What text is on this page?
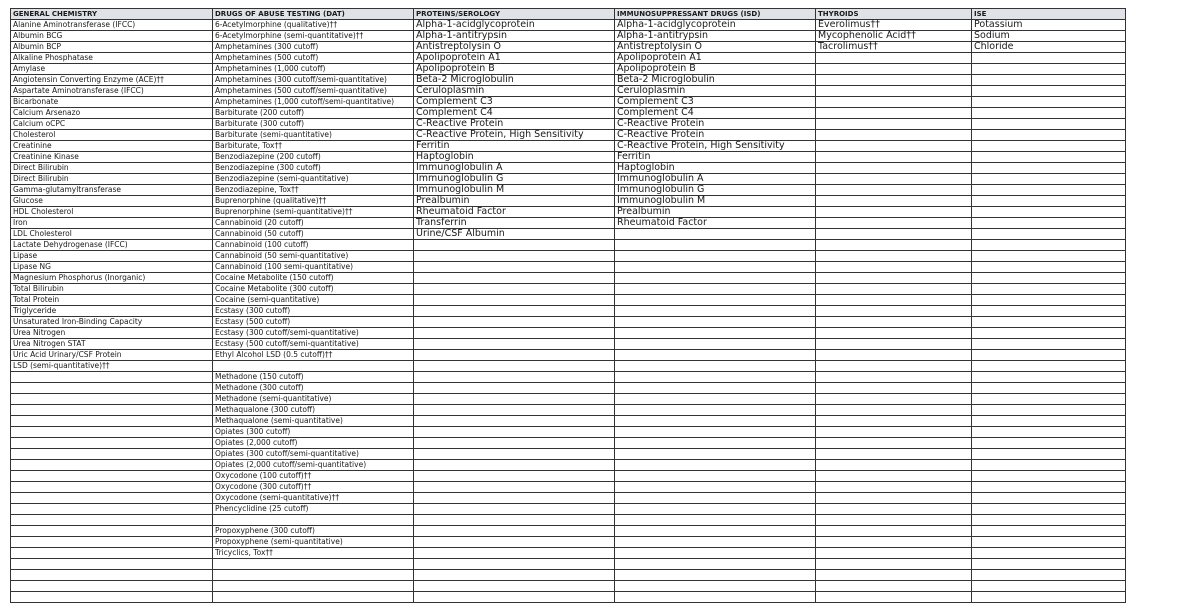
GENERAL CHEMISTRY	DRUGS OF ABUSE TESTING (DAT)	PROTEINS/SEROLOGY	IMMUNOSUPPRESSANT DRUGS (ISD)	THYROIDS	ISE
Alanine Aminotransferase (IFCC)	6-Acetylmorphine (qualitative)††	Alpha-1-acidglycoprotein	Alpha-1-acidglycoprotein	Everolimus††	Potassium
Albumin BCG	6-Acetylmorphine (semi-quantitative)††	Alpha-1-antitrypsin	Alpha-1-antitrypsin	Mycophenolic Acid††	Sodium
Albumin BCP	Amphetamines (300 cutoff)	Antistreptolysin O	Antistreptolysin O	Tacrolimus††	Chloride
Alkaline Phosphatase	Amphetamines (500 cutoff)	Apolipoprotein A1	Apolipoprotein A1		
Amylase	Amphetamines (1,000 cutoff)	Apolipoprotein B	Apolipoprotein B		
Angiotensin Converting Enzyme (ACE)††	Amphetamines (300 cutoff/semi-quantitative)	Beta-2 Microglobulin	Beta-2 Microglobulin		
Aspartate Aminotransferase (IFCC)	Amphetamines (500 cutoff/semi-quantitative)	Ceruloplasmin	Ceruloplasmin		
Bicarbonate	Amphetamines (1,000 cutoff/semi-quantitative)	Complement C3	Complement C3		
Calcium Arsenazo	Barbiturate (200 cutoff)	Complement C4	Complement C4		
Calcium oCPC	Barbiturate (300 cutoff)	C-Reactive Protein	C-Reactive Protein		
Cholesterol	Barbiturate (semi-quantitative)	C-Reactive Protein, High Sensitivity	C-Reactive Protein		
Creatinine	Barbiturate, Tox††	Ferritin	C-Reactive Protein, High Sensitivity		
Creatinine Kinase	Benzodiazepine (200 cutoff)	Haptoglobin	Ferritin		
Direct Bilirubin	Benzodiazepine (300 cutoff)	Immunoglobulin A	Haptoglobin		
Direct Bilirubin	Benzodiazepine (semi-quantitative)	Immunoglobulin G	Immunoglobulin A		
Gamma-glutamyltransferase	Benzodiazepine, Tox††	Immunoglobulin M	Immunoglobulin G		
Glucose	Buprenorphine (qualitative)††	Prealbumin	Immunoglobulin M		
HDL Cholesterol	Buprenorphine (semi-quantitative)††	Rheumatoid Factor	Prealbumin		
Iron	Cannabinoid (20 cutoff)	Transferrin	Rheumatoid Factor		
LDL Cholesterol	Cannabinoid (50 cutoff)	Urine/CSF Albumin			
Lactate Dehydrogenase (IFCC)	Cannabinoid (100 cutoff)				
Lipase	Cannabinoid (50 semi-quantitative)				
Lipase NG	Cannabinoid (100 semi-quantitative)				
Magnesium Phosphorus (Inorganic)	Cocaine Metabolite (150 cutoff)				
Total Bilirubin	Cocaine Metabolite (300 cutoff)				
Total Protein	Cocaine (semi-quantitative)				
Triglyceride	Ecstasy (300 cutoff)				
Unsaturated Iron-Binding Capacity	Ecstasy (500 cutoff)				
Urea Nitrogen	Ecstasy (300 cutoff/semi-quantitative)				
Urea Nitrogen STAT	Ecstasy (500 cutoff/semi-quantitative)				
Uric Acid Urinary/CSF Protein	Ethyl Alcohol LSD (0.5 cutoff)††				
LSD (semi-quantitative)††					
	Methadone (150 cutoff)				
	Methadone (300 cutoff)				
	Methadone (semi-quantitative)				
	Methaqualone (300 cutoff)				
	Methaqualone (semi-quantitative)				
	Opiates (300 cutoff)				
	Opiates (2,000 cutoff)				
	Opiates (300 cutoff/semi-quantitative)				
	Opiates (2,000 cutoff/semi-quantitative)				
	Oxycodone (100 cutoff)††				
	Oxycodone (300 cutoff)††				
	Oxycodone (semi-quantitative)††				
	Phencyclidine (25 cutoff)				

	Propoxyphene (300 cutoff)				
	Propoxyphene (semi-quantitative)				
	Tricyclics, Tox††				
